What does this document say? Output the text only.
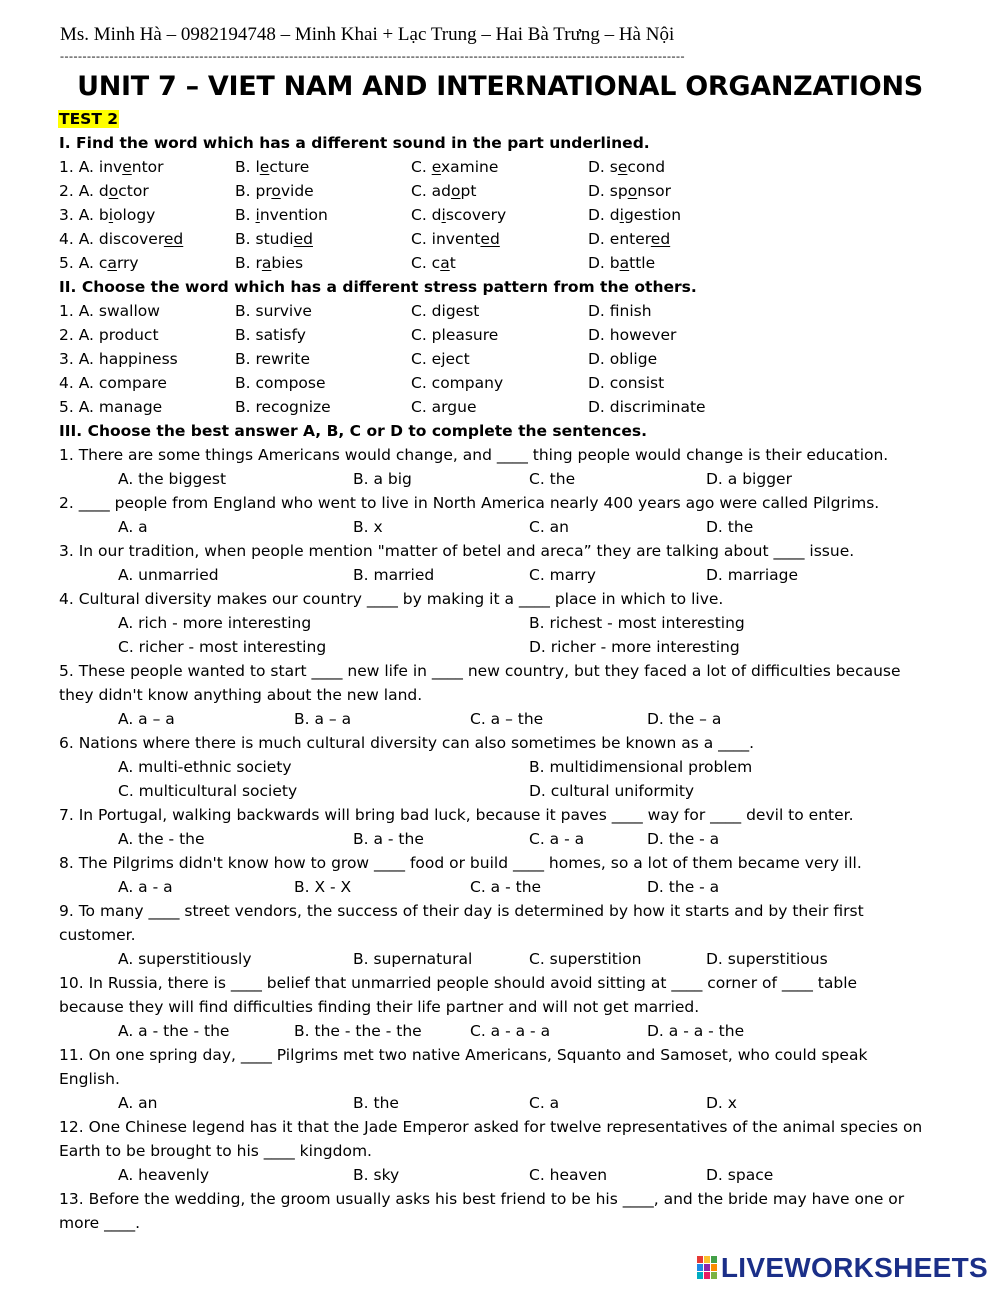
Ms. Minh Hà – 0982194748 – Minh Khai + Lạc Trung – Hai Bà Trưng – Hà Nội
-------------------------------------------------------------------------------------------------------------------------------------------
UNIT 7 – VIET NAM AND INTERNATIONAL ORGANZATIONS
TEST 2
I. Find the word which has a different sound in the part underlined.
1. A. inventor	B. lecture	C. examine	D. second
2. A. doctor	B. provide	C. adopt	D. sponsor
3. A. biology	B. invention	C. discovery	D. digestion
4. A. discovered	B. studied	C. invented	D. entered
5. A. carry	B. rabies	C. cat	D. battle
II. Choose the word which has a different stress pattern from the others.
1. A. swallow	B. survive	C. digest	D. finish
2. A. product	B. satisfy	C. pleasure	D. however
3. A. happiness	B. rewrite	C. eject	D. oblige
4. A. compare	B. compose	C. company	D. consist
5. A. manage	B. recognize	C. argue	D. discriminate
III. Choose the best answer A, B, C or D to complete the sentences.
1. There are some things Americans would change, and ____ thing people would change is their education.
A. the biggest	B. a big	C. the	D. a bigger
2. ____ people from England who went to live in North America nearly 400 years ago were called Pilgrims.
A. a	B. x	C. an	D. the
3. In our tradition, when people mention "matter of betel and areca” they are talking about ____ issue.
A. unmarried	B. married	C. marry	D. marriage
4. Cultural diversity makes our country ____ by making it a ____ place in which to live.
A. rich - more interesting	B. richest - most interesting
C. richer - most interesting	D. richer - more interesting
5. These people wanted to start ____ new life in ____ new country, but they faced a lot of difficulties because
they didn't know anything about the new land.
A. a – a	B. a – a	C. a – the	D. the – a
6. Nations where there is much cultural diversity can also sometimes be known as a ____.
A. multi-ethnic society	B. multidimensional problem
C. multicultural society	D. cultural uniformity
7. In Portugal, walking backwards will bring bad luck, because it paves ____ way for ____ devil to enter.
A. the - the	B. a - the	C. a - a	D. the - a
8. The Pilgrims didn't know how to grow ____ food or build ____ homes, so a lot of them became very ill.
A. a - a	B. X - X	C. a - the	D. the - a
9. To many ____ street vendors, the success of their day is determined by how it starts and by their first
customer.
A. superstitiously	B. supernatural	C. superstition	D. superstitious
10. In Russia, there is ____ belief that unmarried people should avoid sitting at ____ corner of ____ table
because they will find difficulties finding their life partner and will not get married.
A. a - the - the	B. the - the - the	C. a - a - a	D. a - a - the
11. On one spring day, ____ Pilgrims met two native Americans, Squanto and Samoset, who could speak
English.
A. an	B. the	C. a	D. x
12. One Chinese legend has it that the Jade Emperor asked for twelve representatives of the animal species on
Earth to be brought to his ____ kingdom.
A. heavenly	B. sky	C. heaven	D. space
13. Before the wedding, the groom usually asks his best friend to be his ____, and the bride may have one or
more ____.
LIVEWORKSHEETS
